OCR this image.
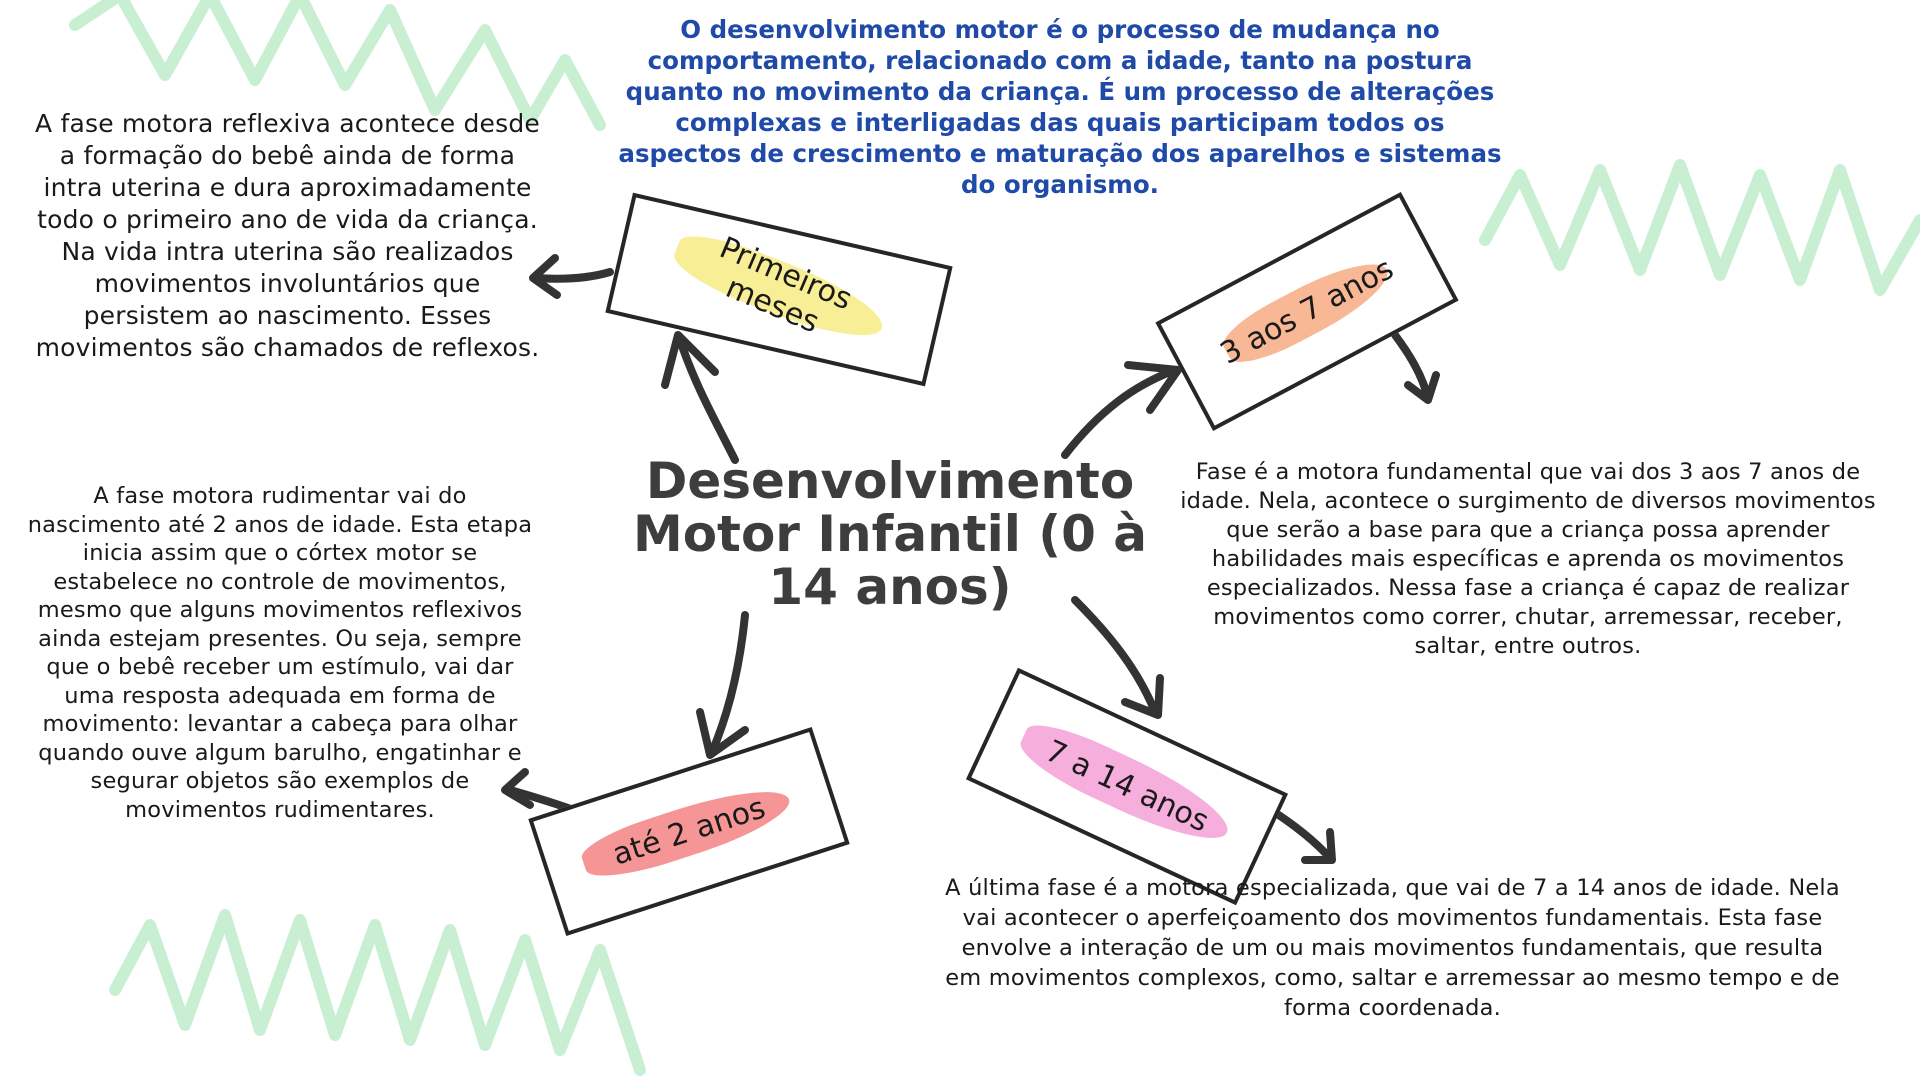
O desenvolvimento motor é o processo de mudança no comportamento, relacionado com a idade, tanto na postura quanto no movimento da criança. É um processo de alterações complexas e interligadas das quais participam todos os aspectos de crescimento e maturação dos aparelhos e sistemas do organismo.
Desenvolvimento Motor Infantil (0 à 14 anos)
Primeiros meses	3 aos 7 anos
até 2 anos	7 a 14 anos
A fase motora reflexiva acontece desde a formação do bebê ainda de forma intra uterina e dura aproximadamente todo o primeiro ano de vida da criança. Na vida intra uterina são realizados movimentos involuntários que persistem ao nascimento. Esses movimentos são chamados de reflexos.
A fase motora rudimentar vai do nascimento até 2 anos de idade. Esta etapa inicia assim que o córtex motor se estabelece no controle de movimentos, mesmo que alguns movimentos reflexivos ainda estejam presentes. Ou seja, sempre que o bebê receber um estímulo, vai dar uma resposta adequada em forma de movimento: levantar a cabeça para olhar quando ouve algum barulho, engatinhar e segurar objetos são exemplos de movimentos rudimentares.
Fase é a motora fundamental que vai dos 3 aos 7 anos de idade. Nela, acontece o surgimento de diversos movimentos que serão a base para que a criança possa aprender habilidades mais específicas e aprenda os movimentos especializados. Nessa fase a criança é capaz de realizar movimentos como correr, chutar, arremessar, receber, saltar, entre outros.
A última fase é a motora especializada, que vai de 7 a 14 anos de idade. Nela vai acontecer o aperfeiçoamento dos movimentos fundamentais. Esta fase envolve a interação de um ou mais movimentos fundamentais, que resulta em movimentos complexos, como, saltar e arremessar ao mesmo tempo e de forma coordenada.
